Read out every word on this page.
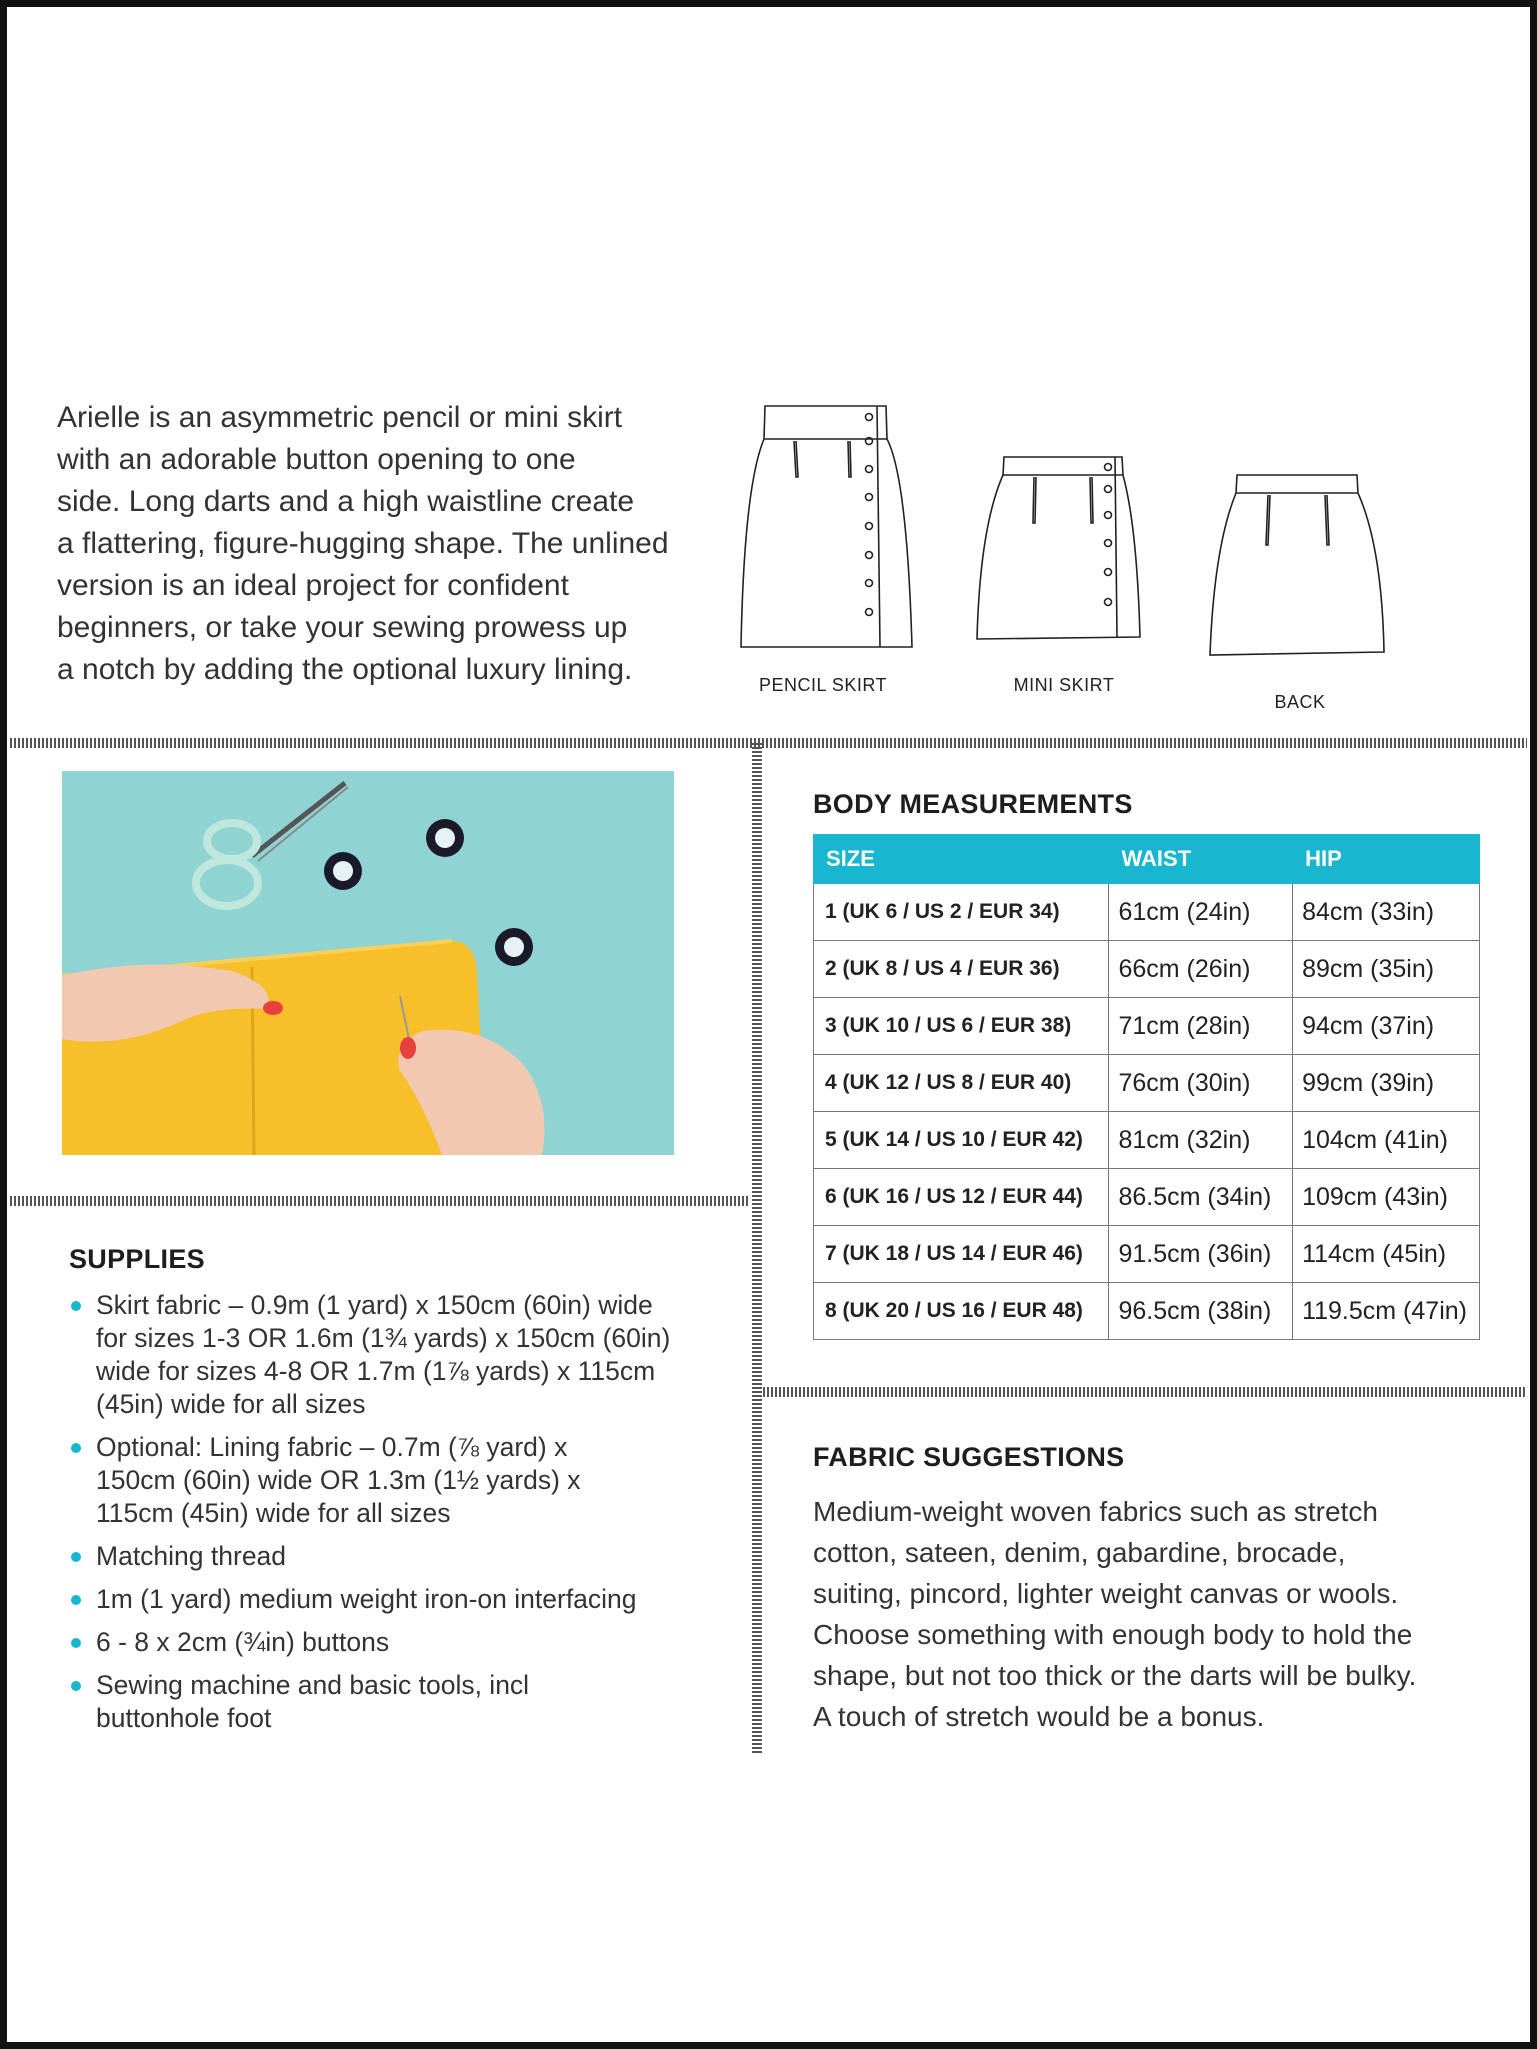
Arielle is an asymmetric pencil or mini skirt
with an adorable button opening to one
side. Long darts and a high waistline create
a flattering, figure-hugging shape. The unlined
version is an ideal project for confident
beginners, or take your sewing prowess up
a notch by adding the optional luxury lining.	PENCIL SKIRT	MINI SKIRT
BACK
BODY MEASUREMENTS
SIZE	WAIST	HIP
1 (UK 6 / US 2 / EUR 34)	61cm (24in)	84cm (33in)
2 (UK 8 / US 4 / EUR 36)	66cm (26in)	89cm (35in)
3 (UK 10 / US 6 / EUR 38)	71cm (28in)	94cm (37in)
4 (UK 12 / US 8 / EUR 40)	76cm (30in)	99cm (39in)
5 (UK 14 / US 10 / EUR 42)	81cm (32in)	104cm (41in)
6 (UK 16 / US 12 / EUR 44)	86.5cm (34in)	109cm (43in)
7 (UK 18 / US 14 / EUR 46)	91.5cm (36in)	114cm (45in)
8 (UK 20 / US 16 / EUR 48)	96.5cm (38in)	119.5cm (47in)
SUPPLIES
Skirt fabric – 0.9m (1 yard) x 150cm (60in) wide
for sizes 1-3 OR 1.6m (1¾ yards) x 150cm (60in)
wide for sizes 4-8 OR 1.7m (1⅞ yards) x 115cm
(45in) wide for all sizes
Optional: Lining fabric – 0.7m (⅞ yard) x
150cm (60in) wide OR 1.3m (1½ yards) x
115cm (45in) wide for all sizes
Matching thread
1m (1 yard) medium weight iron-on interfacing
6 - 8 x 2cm (¾in) buttons
Sewing machine and basic tools, incl
buttonhole foot
FABRIC SUGGESTIONS
Medium-weight woven fabrics such as stretch
cotton, sateen, denim, gabardine, brocade,
suiting, pincord, lighter weight canvas or wools.
Choose something with enough body to hold the
shape, but not too thick or the darts will be bulky.
A touch of stretch would be a bonus.
